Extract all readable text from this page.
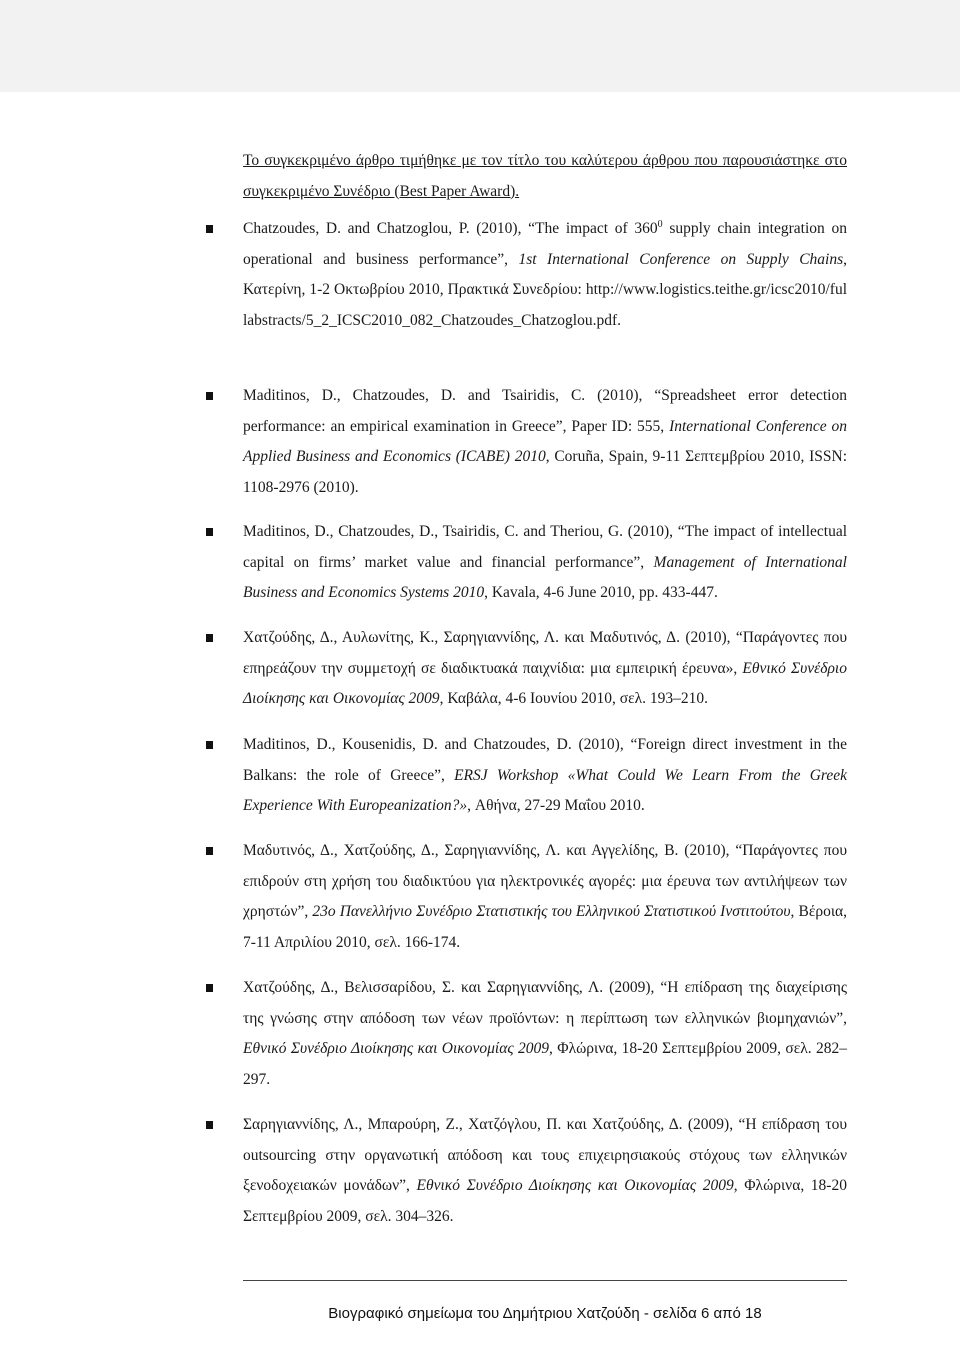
Το συγκεκριμένο άρθρο τιμήθηκε με τον τίτλο του καλύτερου άρθρου που παρουσιάστηκε στο συγκεκριμένο Συνέδριο (Best Paper Award).
Chatzoudes, D. and Chatzoglou, P. (2010), “The impact of $360^0$ supply chain integration on operational and business performance”, 1st International Conference on Supply Chains, Κατερίνη, 1-2 Οκτωβρίου 2010, Πρακτικά Συνεδρίου: http://www.logistics.teithe.gr/icsc2010/fullabstracts/5_2_ICSC2010_082_Chatzoudes_Chatzoglou.pdf.
Maditinos, D., Chatzoudes, D. and Tsairidis, C. (2010), “Spreadsheet error detection performance: an empirical examination in Greece”, Paper ID: 555, International Conference on Applied Business and Economics (ICABE) 2010, Coruña, Spain, 9-11 Σεπτεμβρίου 2010, ISSN: 1108-2976 (2010).
Maditinos, D., Chatzoudes, D., Tsairidis, C. and Theriou, G. (2010), “The impact of intellectual capital on firms’ market value and financial performance”, Management of International Business and Economics Systems 2010, Kavala, 4-6 June 2010, pp. 433-447.
Χατζούδης, Δ., Αυλωνίτης, Κ., Σαρηγιαννίδης, Λ. και Μαδυτινός, Δ. (2010), “Παράγοντες που επηρεάζουν την συμμετοχή σε διαδικτυακά παιχνίδια: μια εμπειρική έρευνα», Εθνικό Συνέδριο Διοίκησης και Οικονομίας 2009, Καβάλα, 4-6 Ιουνίου 2010, σελ. 193–210.
Maditinos, D., Kousenidis, D. and Chatzoudes, D. (2010), “Foreign direct investment in the Balkans: the role of Greece”, ERSJ Workshop «What Could We Learn From the Greek Experience With Europeanization?», Αθήνα, 27-29 Μαΐου 2010.
Μαδυτινός, Δ., Χατζούδης, Δ., Σαρηγιαννίδης, Λ. και Αγγελίδης, Β. (2010), “Παράγοντες που επιδρούν στη χρήση του διαδικτύου για ηλεκτρονικές αγορές: μια έρευνα των αντιλήψεων των χρηστών”, 23ο Πανελλήνιο Συνέδριο Στατιστικής του Ελληνικού Στατιστικού Ινστιτούτου, Βέροια, 7-11 Απριλίου 2010, σελ. 166-174.
Χατζούδης, Δ., Βελισσαρίδου, Σ. και Σαρηγιαννίδης, Λ. (2009), “Η επίδραση της διαχείρισης της γνώσης στην απόδοση των νέων προϊόντων: η περίπτωση των ελληνικών βιομηχανιών”, Εθνικό Συνέδριο Διοίκησης και Οικονομίας 2009, Φλώρινα, 18-20 Σεπτεμβρίου 2009, σελ. 282–297.
Σαρηγιαννίδης, Λ., Μπαρούρη, Ζ., Χατζόγλου, Π. και Χατζούδης, Δ. (2009), “Η επίδραση του outsourcing στην οργανωτική απόδοση και τους επιχειρησιακούς στόχους των ελληνικών ξενοδοχειακών μονάδων”, Εθνικό Συνέδριο Διοίκησης και Οικονομίας 2009, Φλώρινα, 18-20 Σεπτεμβρίου 2009, σελ. 304–326.
Βιογραφικό σημείωμα του Δημήτριου Χατζούδη - σελίδα 6 από 18
